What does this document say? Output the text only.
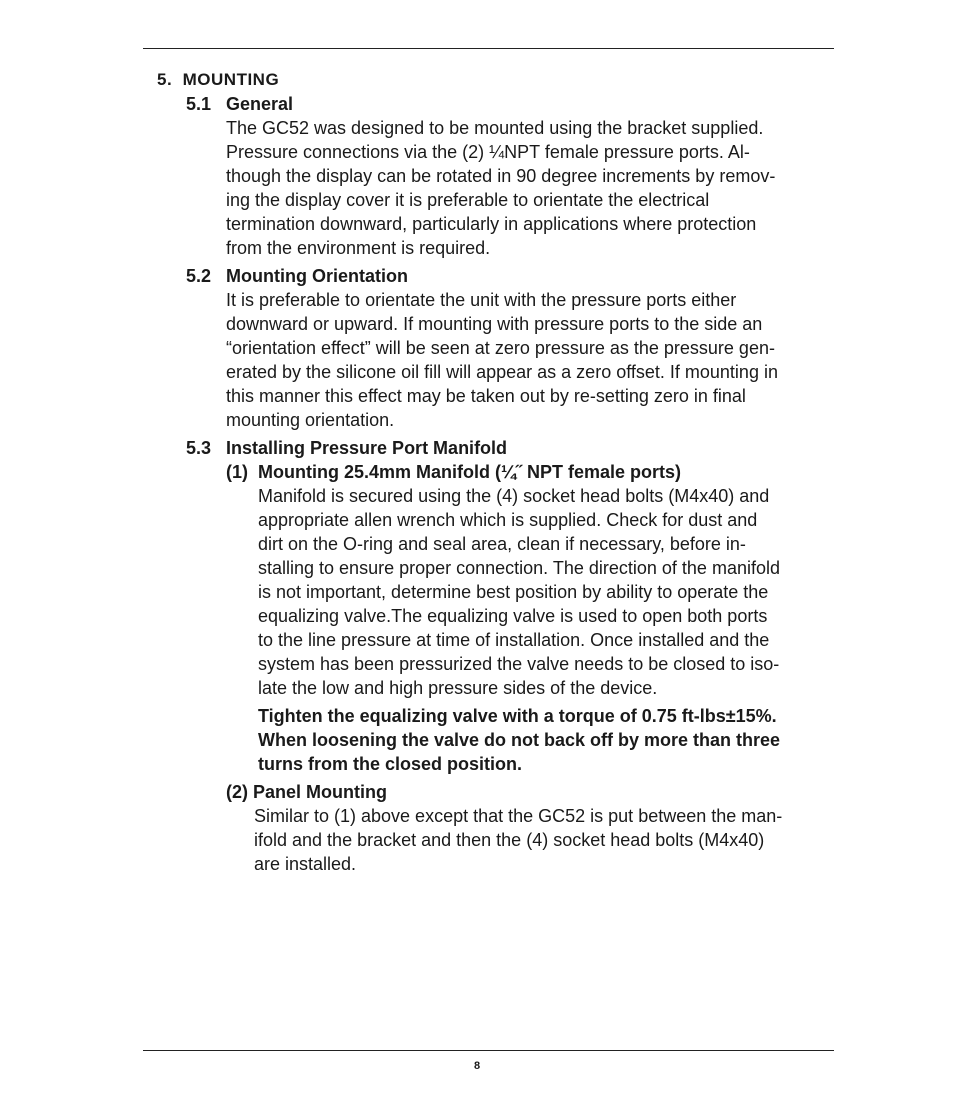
5. MOUNTING
5.1 General
The GC52 was designed to be mounted using the bracket supplied.
Pressure connections via the (2) ¼NPT female pressure ports. Al-
though the display can be rotated in 90 degree increments by remov-
ing the display cover it is preferable to orientate the electrical
termination downward, particularly in applications where protection
from the environment is required.
5.2 Mounting Orientation
It is preferable to orientate the unit with the pressure ports either
downward or upward. If mounting with pressure ports to the side an
“orientation effect” will be seen at zero pressure as the pressure gen-
erated by the silicone oil fill will appear as a zero offset. If mounting in
this manner this effect may be taken out by re-setting zero in final
mounting orientation.
5.3 Installing Pressure Port Manifold
(1)  Mounting 25.4mm Manifold (¼˝ NPT female ports)
Manifold is secured using the (4) socket head bolts (M4x40) and
appropriate allen wrench which is supplied. Check for dust and
dirt on the O-ring and seal area, clean if necessary, before in-
stalling to ensure proper connection. The direction of the manifold
is not important, determine best position by ability to operate the
equalizing valve.The equalizing valve is used to open both ports
to the line pressure at time of installation. Once installed and the
system has been pressurized the valve needs to be closed to iso-
late the low and high pressure sides of the device.
Tighten the equalizing valve with a torque of 0.75 ft-lbs±15%.
When loosening the valve do not back off by more than three
turns from the closed position.
(2) Panel Mounting
Similar to (1) above except that the GC52 is put between the man-
ifold and the bracket and then the (4) socket head bolts (M4x40)
are installed.
8
